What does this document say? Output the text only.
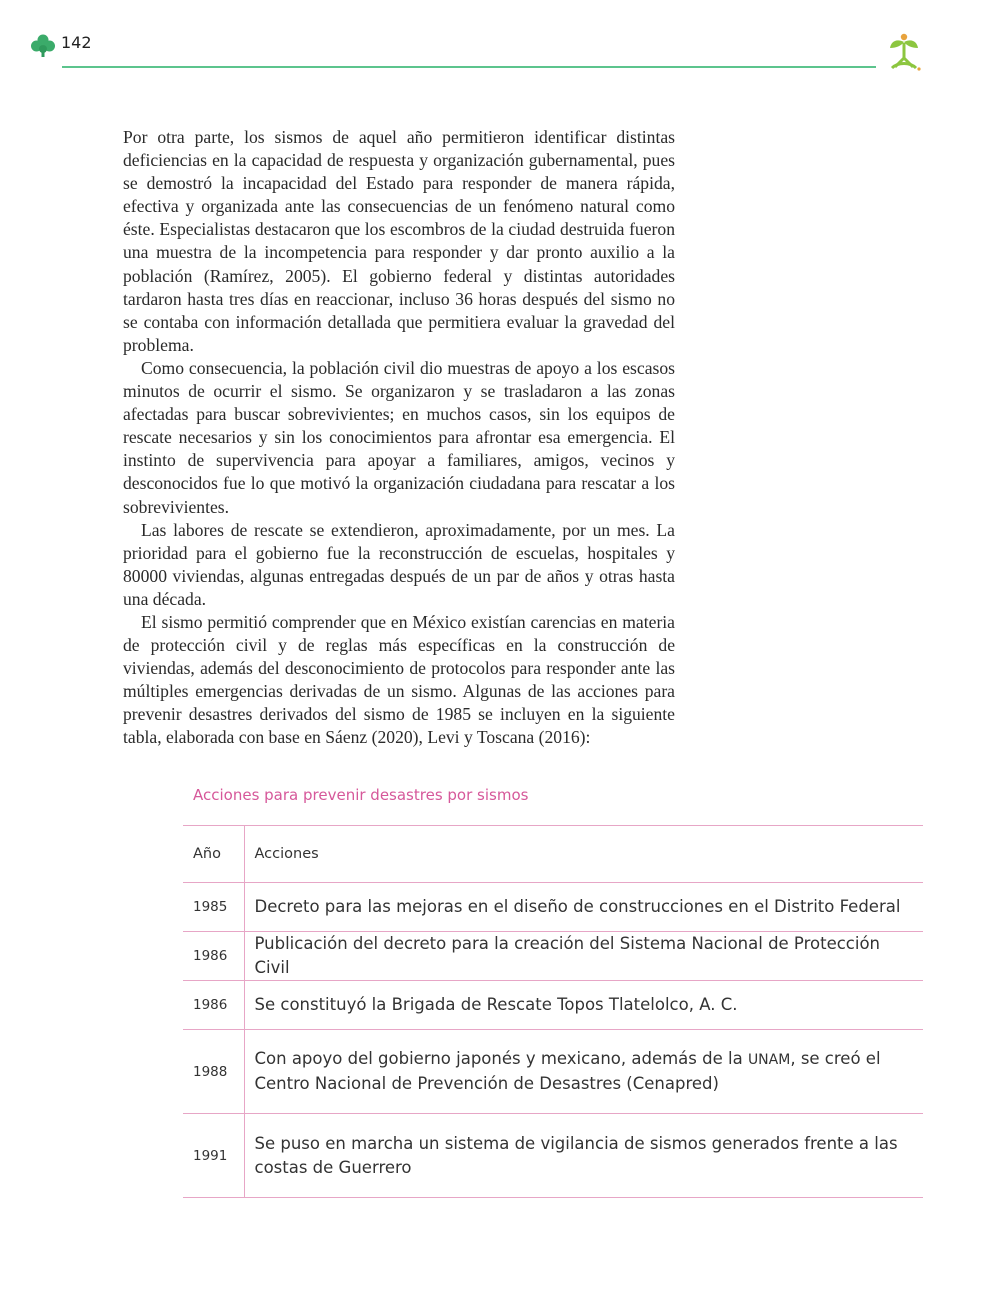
142

Por otra parte, los sismos de aquel año permitieron identificar distintas deficiencias en la capacidad de respuesta y organización gubernamental, pues se demostró la incapacidad del Estado para responder de manera rápida, efectiva y organizada ante las consecuencias de un fenómeno natural como éste. Especialistas destacaron que los escombros de la ciudad destruida fueron una muestra de la incompetencia para responder y dar pronto auxilio a la población (Ramírez, 2005). El gobierno federal y distintas autoridades tardaron hasta tres días en reaccionar, incluso 36 horas después del sismo no se contaba con información detallada que permitiera evaluar la gravedad del problema.

Como consecuencia, la población civil dio muestras de apoyo a los escasos minutos de ocurrir el sismo. Se organizaron y se trasladaron a las zonas afectadas para buscar sobrevivientes; en muchos casos, sin los equipos de rescate necesarios y sin los conocimientos para afrontar esa emergencia. El instinto de supervivencia para apoyar a familiares, amigos, vecinos y desconocidos fue lo que motivó la organización ciudadana para rescatar a los sobrevivientes.

Las labores de rescate se extendieron, aproximadamente, por un mes. La prioridad para el gobierno fue la reconstrucción de escuelas, hospitales y 80000 viviendas, algunas entregadas después de un par de años y otras hasta una década.

El sismo permitió comprender que en México existían carencias en materia de protección civil y de reglas más específicas en la construcción de viviendas, además del desconocimiento de protocolos para responder ante las múltiples emergencias derivadas de un sismo. Algunas de las acciones para prevenir desastres derivados del sismo de 1985 se incluyen en la siguiente tabla, elaborada con base en Sáenz (2020), Levi y Toscana (2016):

Acciones para prevenir desastres por sismos
Año	Acciones
1985	Decreto para las mejoras en el diseño de construcciones en el Distrito Federal
1986	Publicación del decreto para la creación del Sistema Nacional de Protección Civil
1986	Se constituyó la Brigada de Rescate Topos Tlatelolco, A. C.
1988	Con apoyo del gobierno japonés y mexicano, además de la UNAM, se creó el Centro Nacional de Prevención de Desastres (Cenapred)
1991	Se puso en marcha un sistema de vigilancia de sismos generados frente a las costas de Guerrero
